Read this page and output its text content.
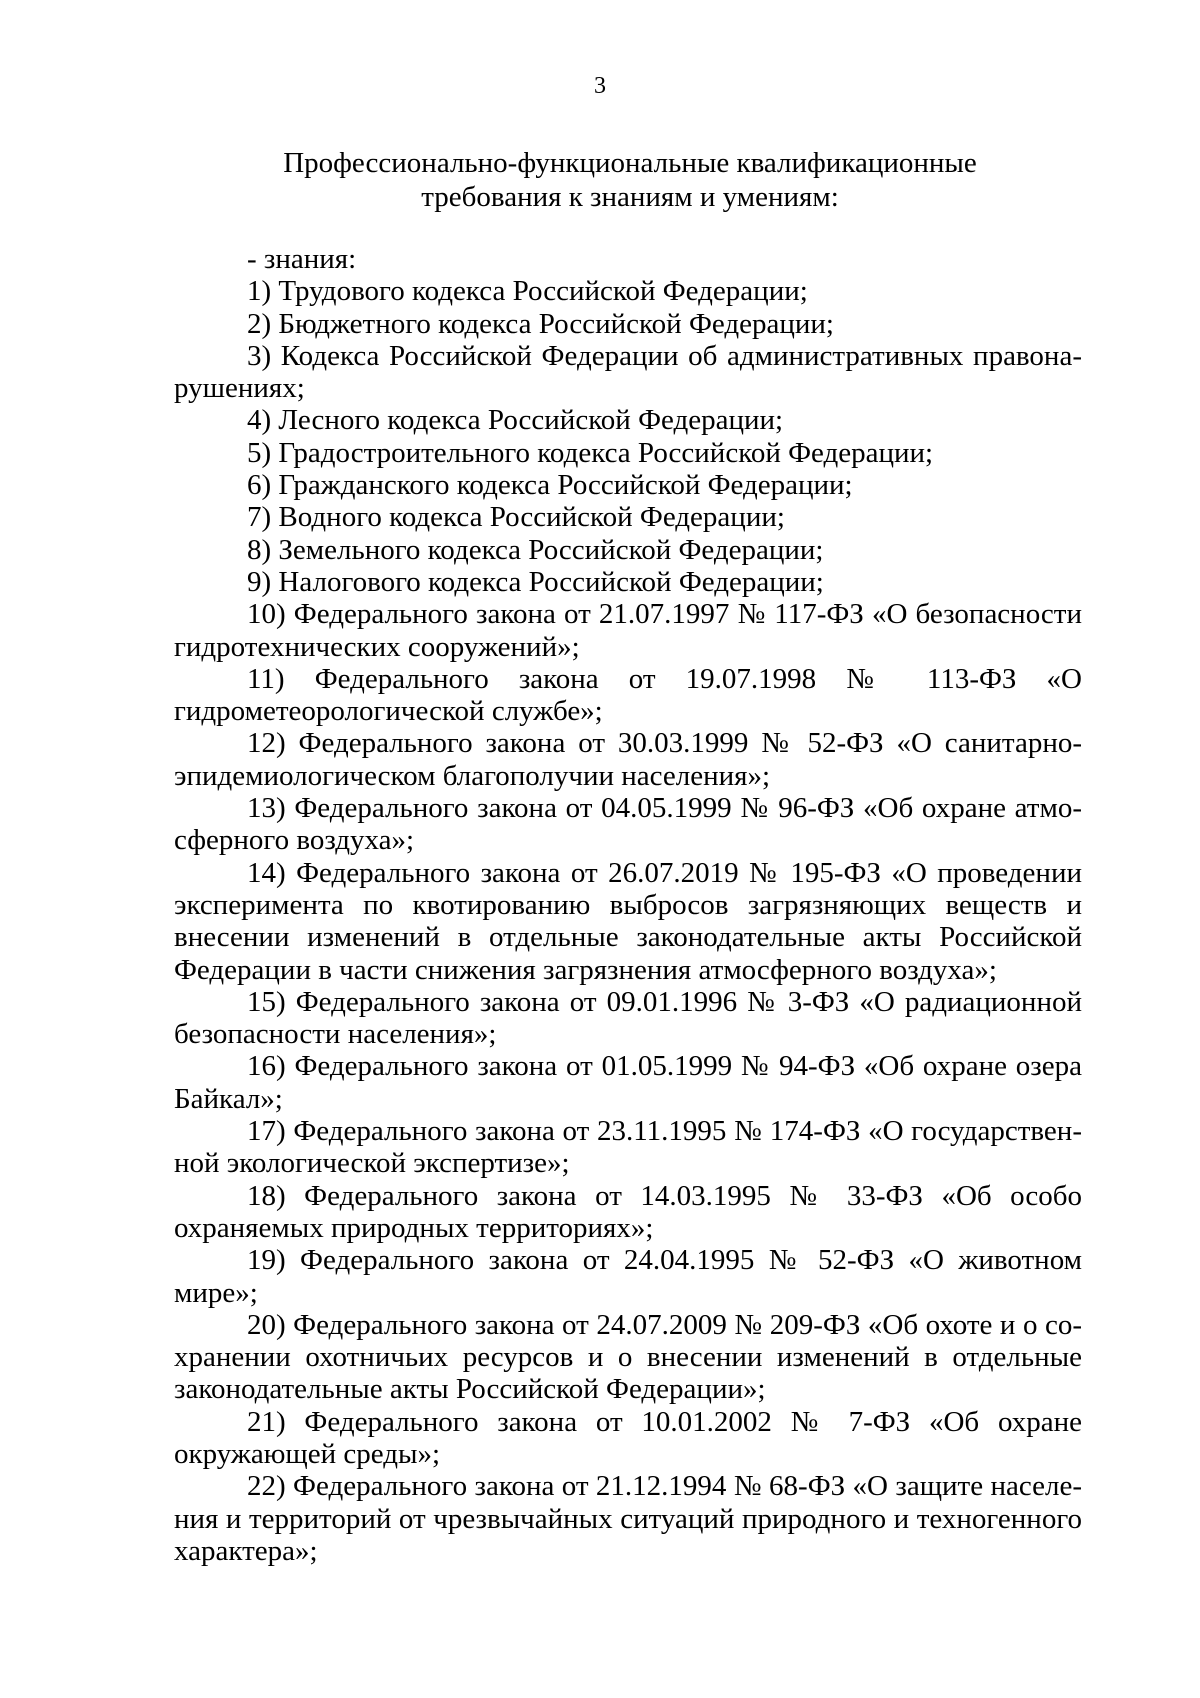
3
Профессионально-функциональные квалификационные
требования к знаниям и умениям:

- знания:

1) Трудового кодекса Российской Федерации;

2) Бюджетного кодекса Российской Федерации;

3) Кодекса Российской Федерации об административных правонарушениях;

4) Лесного кодекса Российской Федерации;

5) Градостроительного кодекса Российской Федерации;

6) Гражданского кодекса Российской Федерации;

7) Водного кодекса Российской Федерации;

8) Земельного кодекса Российской Федерации;

9) Налогового кодекса Российской Федерации;

10) Федерального закона от 21.07.1997 № 117-ФЗ «О безопасности гидротехнических сооружений»;

11) Федерального закона от 19.07.1998 № 113-ФЗ «О гидрометеорологической службе»;

12) Федерального закона от 30.03.1999 № 52-ФЗ «О санитарно-эпидемиологическом благополучии населения»;

13) Федерального закона от 04.05.1999 № 96-ФЗ «Об охране атмосферного воздуха»;

14) Федерального закона от 26.07.2019 № 195-ФЗ «О проведении эксперимента по квотированию выбросов загрязняющих веществ и внесении изменений в отдельные законодательные акты Российской Федерации в части снижения загрязнения атмосферного воздуха»;

15) Федерального закона от 09.01.1996 № 3-ФЗ «О радиационной безопасности населения»;

16) Федерального закона от 01.05.1999 № 94-ФЗ «Об охране озера Байкал»;

17) Федерального закона от 23.11.1995 № 174-ФЗ «О государственной экологической экспертизе»;

18) Федерального закона от 14.03.1995 № 33-ФЗ «Об особо охраняемых природных территориях»;

19) Федерального закона от 24.04.1995 № 52-ФЗ «О животном мире»;

20) Федерального закона от 24.07.2009 № 209-ФЗ «Об охоте и о сохранении охотничьих ресурсов и о внесении изменений в отдельные законодательные акты Российской Федерации»;

21) Федерального закона от 10.01.2002 № 7-ФЗ «Об охране окружающей среды»;

22) Федерального закона от 21.12.1994 № 68-ФЗ «О защите населения и территорий от чрезвычайных ситуаций природного и техногенного характера»;
